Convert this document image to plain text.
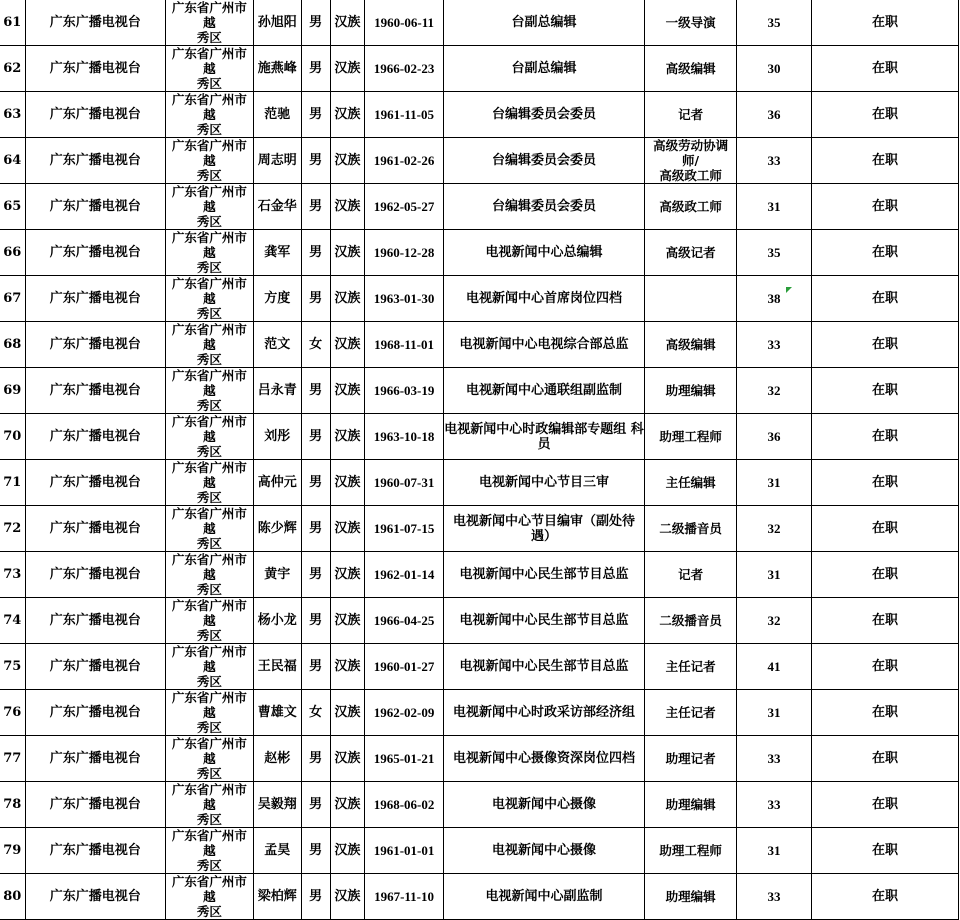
61	广东广播电视台	广东省广州市越
秀区	孙旭阳	男	汉族	1960-06-11	台副总编辑	一级导演	35	在职
62	广东广播电视台	广东省广州市越
秀区	施燕峰	男	汉族	1966-02-23	台副总编辑	高级编辑	30	在职
63	广东广播电视台	广东省广州市越
秀区	范驰	男	汉族	1961-11-05	台编辑委员会委员	记者	36	在职
64	广东广播电视台	广东省广州市越
秀区	周志明	男	汉族	1961-02-26	台编辑委员会委员	高级劳动协调师/
高级政工师	33	在职
65	广东广播电视台	广东省广州市越
秀区	石金华	男	汉族	1962-05-27	台编辑委员会委员	高级政工师	31	在职
66	广东广播电视台	广东省广州市越
秀区	龚军	男	汉族	1960-12-28	电视新闻中心总编辑	高级记者	35	在职
67	广东广播电视台	广东省广州市越
秀区	方度	男	汉族	1963-01-30	电视新闻中心首席岗位四档		38	在职
68	广东广播电视台	广东省广州市越
秀区	范文	女	汉族	1968-11-01	电视新闻中心电视综合部总监	高级编辑	33	在职
69	广东广播电视台	广东省广州市越
秀区	吕永青	男	汉族	1966-03-19	电视新闻中心通联组副监制	助理编辑	32	在职
70	广东广播电视台	广东省广州市越
秀区	刘彤	男	汉族	1963-10-18	电视新闻中心时政编辑部专题组 科员	助理工程师	36	在职
71	广东广播电视台	广东省广州市越
秀区	高仲元	男	汉族	1960-07-31	电视新闻中心节目三审	主任编辑	31	在职
72	广东广播电视台	广东省广州市越
秀区	陈少辉	男	汉族	1961-07-15	电视新闻中心节目编审（副处待遇）	二级播音员	32	在职
73	广东广播电视台	广东省广州市越
秀区	黄宇	男	汉族	1962-01-14	电视新闻中心民生部节目总监	记者	31	在职
74	广东广播电视台	广东省广州市越
秀区	杨小龙	男	汉族	1966-04-25	电视新闻中心民生部节目总监	二级播音员	32	在职
75	广东广播电视台	广东省广州市越
秀区	王民福	男	汉族	1960-01-27	电视新闻中心民生部节目总监	主任记者	41	在职
76	广东广播电视台	广东省广州市越
秀区	曹雄文	女	汉族	1962-02-09	电视新闻中心时政采访部经济组	主任记者	31	在职
77	广东广播电视台	广东省广州市越
秀区	赵彬	男	汉族	1965-01-21	电视新闻中心摄像资深岗位四档	助理记者	33	在职
78	广东广播电视台	广东省广州市越
秀区	吴毅翔	男	汉族	1968-06-02	电视新闻中心摄像	助理编辑	33	在职
79	广东广播电视台	广东省广州市越
秀区	孟昊	男	汉族	1961-01-01	电视新闻中心摄像	助理工程师	31	在职
80	广东广播电视台	广东省广州市越
秀区	梁柏辉	男	汉族	1967-11-10	电视新闻中心副监制	助理编辑	33	在职
